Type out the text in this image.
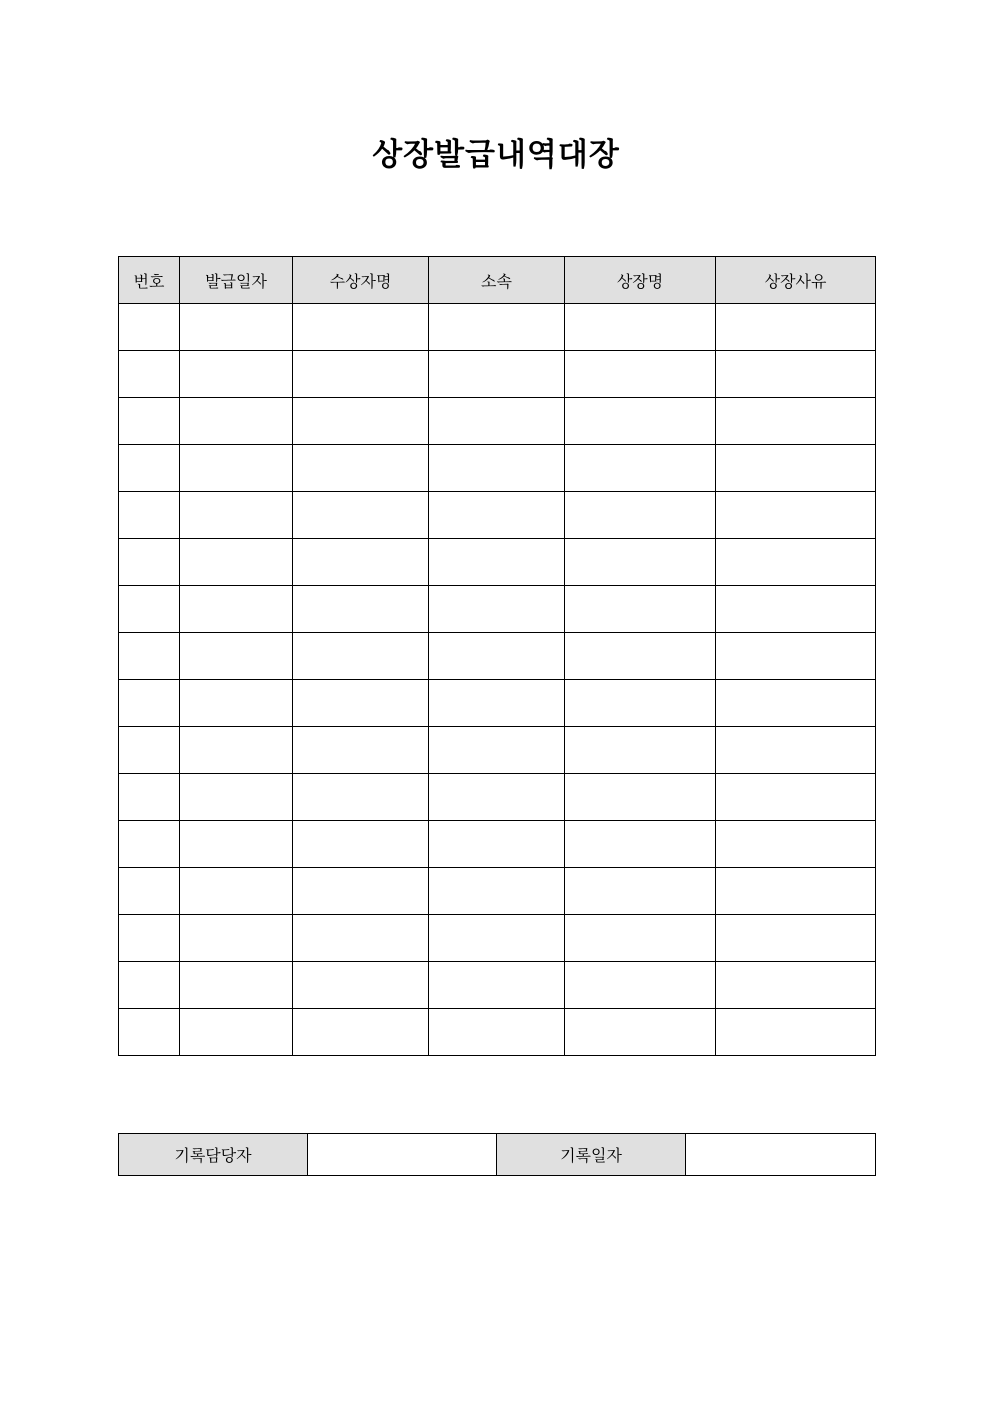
상장발급내역대장
번호	발급일자	수상자명	소속	상장명	상장사유

기록담당자		기록일자	
